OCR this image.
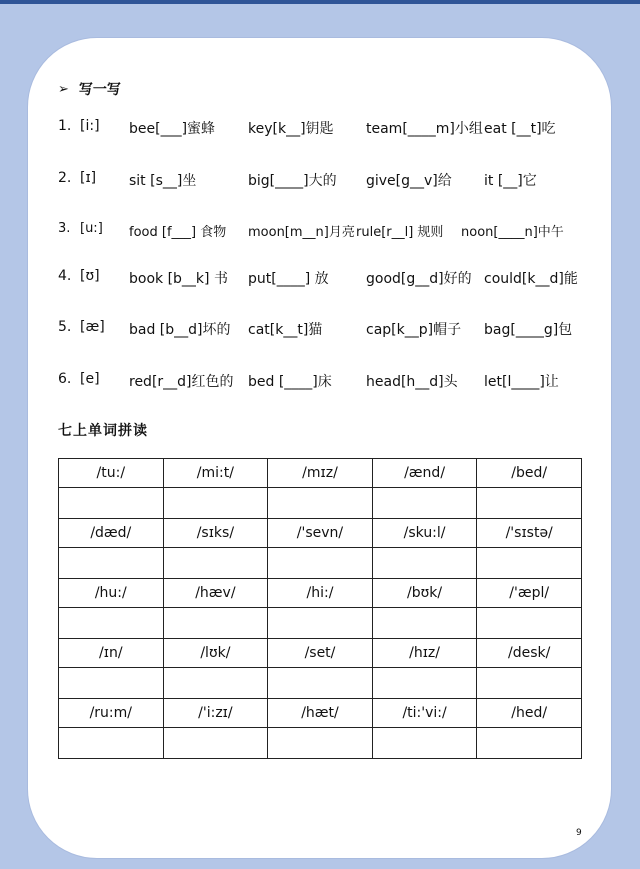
➢ 写一写
1. [i:] bee[___]蜜蜂 key[k__]钥匙 team[____m]小组 eat [__t]吃
2. [ɪ] sit [s__]坐	big[____]大的 give[g__v]给 it [__]它
3. [u:] food [f___] 食物 moon[m__n]月亮 rule[r__l] 规则 noon[____n]中午
4. [ʊ] book [b__k] 书 put[____] 放	good[g__d]好的 could[k__d]能
5. [æ] bad [b__d]坏的 cat[k__t]猫	cap[k__p]帽子 bag[____g]包
6. [e] red[r__d]红色的 bed [____]床 head[h__d]头 let[l____]让
七上单词拼读
/tu:/	/mi:t/	/mɪz/	/ænd/	/bed/

/dæd/	/sɪks/	/'sevn/	/sku:l/	/'sɪstə/

/hu:/	/hæv/	/hi:/	/bʊk/	/'æpl/

/ɪn/	/lʊk/	/set/	/hɪz/	/desk/

/ru:m/	/'i:zɪ/	/hæt/	/ti:'vi:/	/hed/

9
